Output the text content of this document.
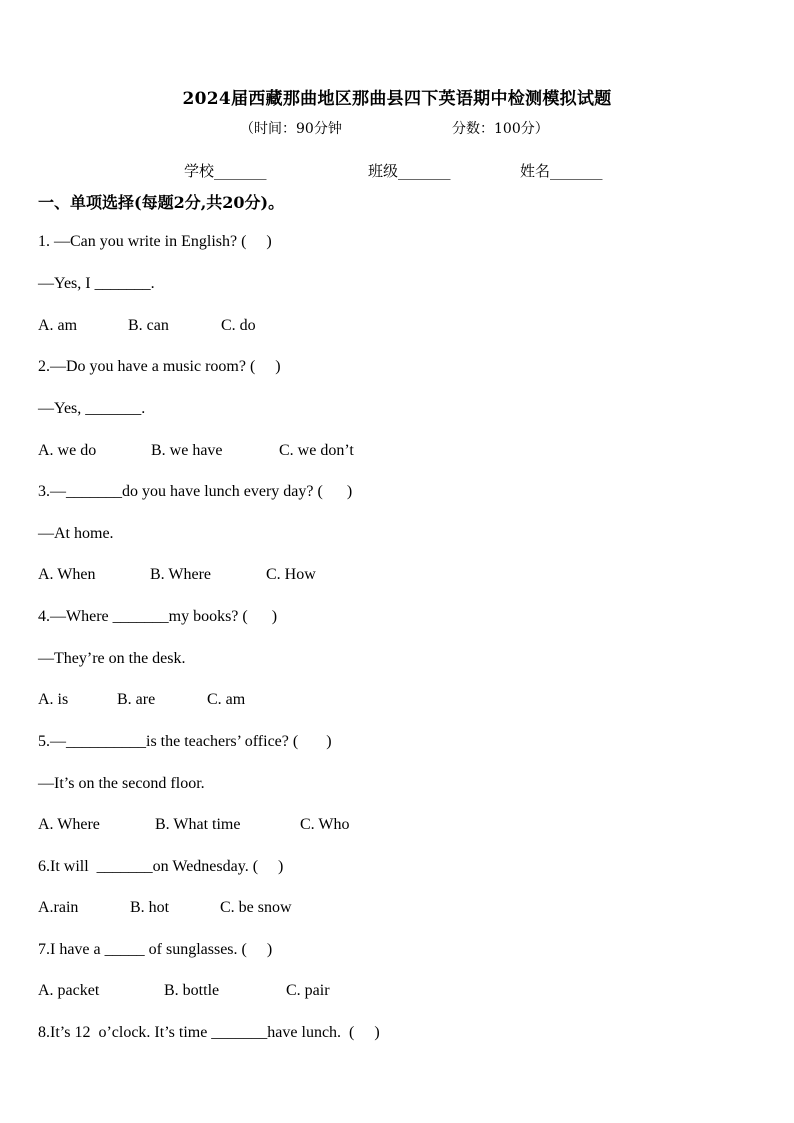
2024届西藏那曲地区那曲县四下英语期中检测模拟试题
（时间：90分钟	分数：100分）
学校_______	班级_______	姓名_______
一、单项选择(每题2分,共20分)。
1. —Can you write in English? (     )
—Yes, I _______.
A. am	B. can	C. do
2.—Do you have a music room? (     )
—Yes, _______.
A. we do	B. we have	C. we don’t
3.—_______do you have lunch every day? (      )
—At home.
A. When	B. Where	C. How
4.—Where _______my books? (      )
—They’re on the desk.
A. is	B. are	C. am
5.—__________is the teachers’ office? (       )
—It’s on the second floor.
A. Where	B. What time	C. Who
6.It will  _______on Wednesday. (     )
A.rain	B. hot	C. be snow
7.I have a _____ of sunglasses. (     )
A. packet	B. bottle	C. pair
8.It’s 12  o’clock. It’s time _______have lunch.  (     )
